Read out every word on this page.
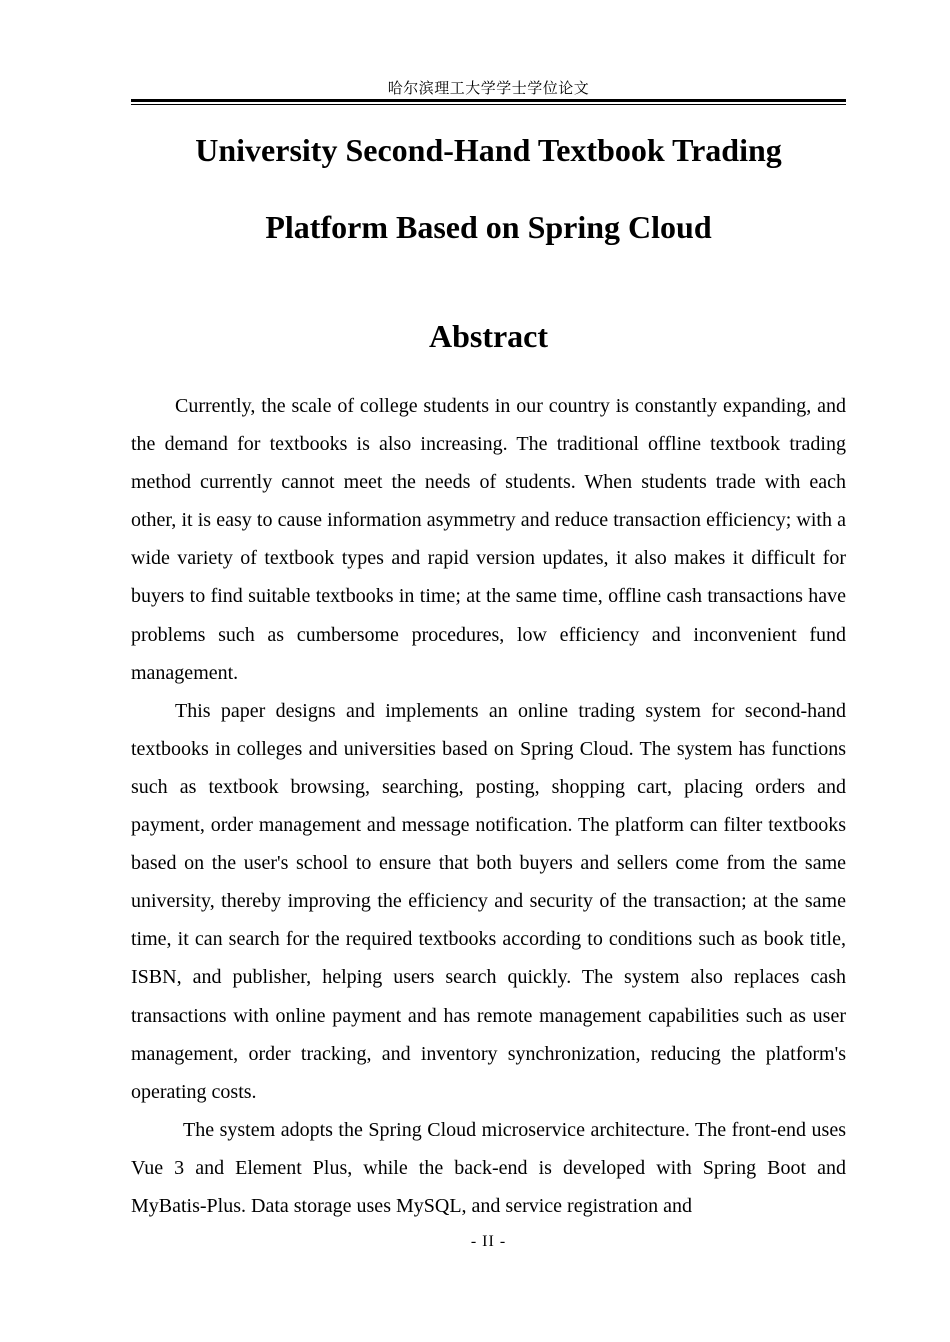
哈尔滨理工大学学士学位论文
University Second-Hand Textbook Trading
Platform Based on Spring Cloud
Abstract

Currently, the scale of college students in our country is constantly expanding, and the demand for textbooks is also increasing. The traditional offline textbook trading method currently cannot meet the needs of students. When students trade with each other, it is easy to cause information asymmetry and reduce transaction efficiency; with a wide variety of textbook types and rapid version updates, it also makes it difficult for buyers to find suitable textbooks in time; at the same time, offline cash transactions have problems such as cumbersome procedures, low efficiency and inconvenient fund management.

This paper designs and implements an online trading system for second-hand textbooks in colleges and universities based on Spring Cloud. The system has functions such as textbook browsing, searching, posting, shopping cart, placing orders and payment, order management and message notification. The platform can filter textbooks based on the user's school to ensure that both buyers and sellers come from the same university, thereby improving the efficiency and security of the transaction; at the same time, it can search for the required textbooks according to conditions such as book title, ISBN, and publisher, helping users search quickly. The system also replaces cash transactions with online payment and has remote management capabilities such as user management, order tracking, and inventory synchronization, reducing the platform's operating costs.

The system adopts the Spring Cloud microservice architecture. The front-end uses Vue 3 and Element Plus, while the back-end is developed with Spring Boot and MyBatis-Plus. Data storage uses MySQL, and service registration and

- II -
